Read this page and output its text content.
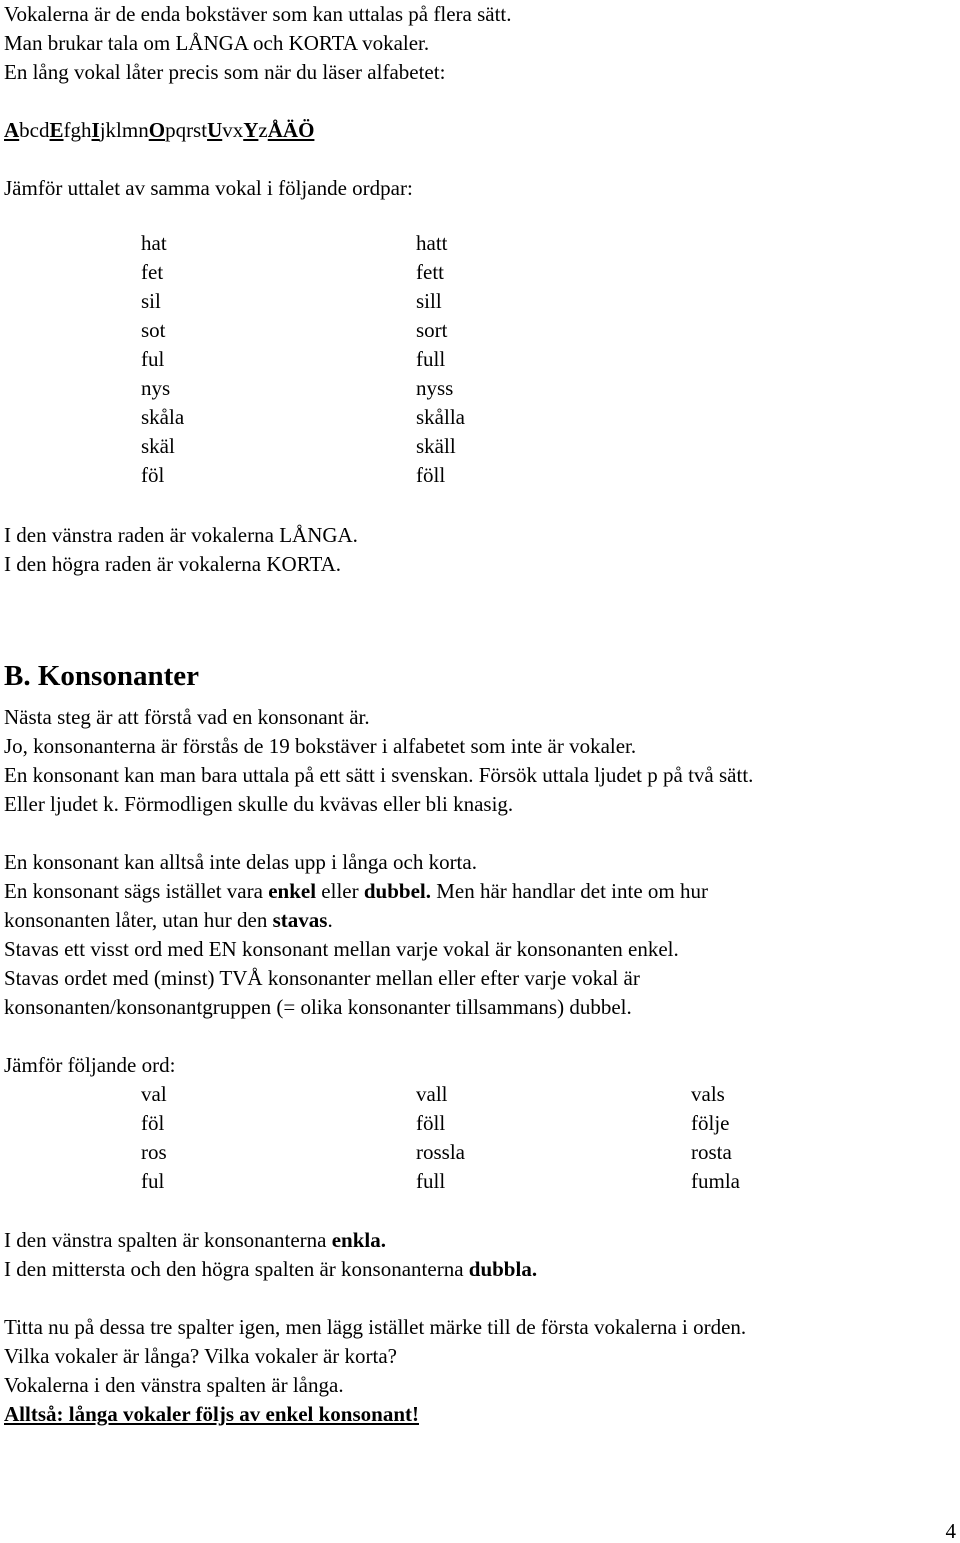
Vokalerna är de enda bokstäver som kan uttalas på flera sätt.
Man brukar tala om LÅNGA och KORTA vokaler.
En lång vokal låter precis som när du läser alfabetet:
AbcdEfghIjklmnOpqrstUvxYzÅÄÖ
Jämför uttalet av samma vokal i följande ordpar:
hat
fet
sil
sot
ful
nys
skåla
skäl
föl
hatt
fett
sill
sort
full
nyss
skålla
skäll
föll
I den vänstra raden är vokalerna LÅNGA.
I den högra raden är vokalerna KORTA.
B. Konsonanter
Nästa steg är att förstå vad en konsonant är.
Jo, konsonanterna är förstås de 19 bokstäver i alfabetet som inte är vokaler.
En konsonant kan man bara uttala på ett sätt i svenskan. Försök uttala ljudet p på två sätt.
Eller ljudet k. Förmodligen skulle du kvävas eller bli knasig.
En konsonant kan alltså inte delas upp i långa och korta.
En konsonant sägs istället vara enkel eller dubbel. Men här handlar det inte om hur
konsonanten låter, utan hur den stavas.
Stavas ett visst ord med EN konsonant mellan varje vokal är konsonanten enkel.
Stavas ordet med (minst) TVÅ konsonanter mellan eller efter varje vokal är
konsonanten/konsonantgruppen (= olika konsonanter tillsammans) dubbel.
Jämför följande ord:
val
föl
ros
ful
vall
föll
rossla
full
vals
följe
rosta
fumla
I den vänstra spalten är konsonanterna enkla.
I den mittersta och den högra spalten är konsonanterna dubbla.
Titta nu på dessa tre spalter igen, men lägg istället märke till de första vokalerna i orden.
Vilka vokaler är långa? Vilka vokaler är korta?
Vokalerna i den vänstra spalten är långa.
Alltså: långa vokaler följs av enkel konsonant!
4
